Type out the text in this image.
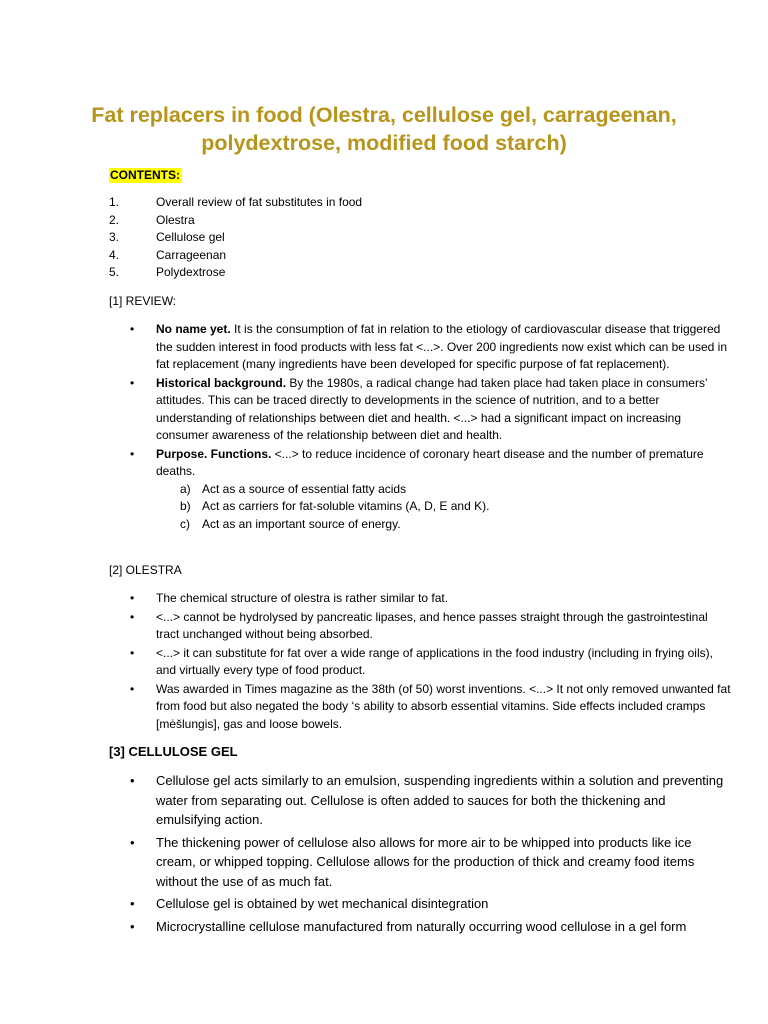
Fat replacers in food (Olestra, cellulose gel, carrageenan, polydextrose, modified food starch)
CONTENTS:
1.	Overall review of fat substitutes in food
2.	Olestra
3.	Cellulose gel
4.	Carrageenan
5.	Polydextrose
[1] REVIEW:
• No name yet. It is the consumption of fat in relation to the etiology of cardiovascular disease that triggered the sudden interest in food products with less fat <...>. Over 200 ingredients now exist which can be used in fat replacement (many ingredients have been developed for specific purpose of fat replacement).
• Historical background. By the 1980s, a radical change had taken place had taken place in consumers’ attitudes. This can be traced directly to developments in the science of nutrition, and to a better understanding of relationships between diet and health. <...> had a significant impact on increasing consumer awareness of the relationship between diet and health.
• Purpose. Functions. <...> to reduce incidence of coronary heart disease and the number of premature deaths.
a) Act as a source of essential fatty acids
b) Act as carriers for fat-soluble vitamins (A, D, E and K).
c) Act as an important source of energy.
[2] OLESTRA
• The chemical structure of olestra is rather similar to fat.
• <...> cannot be hydrolysed by pancreatic lipases, and hence passes straight through the gastrointestinal tract unchanged without being absorbed.
• <...> it can substitute for fat over a wide range of applications in the food industry (including in frying oils), and virtually every type of food product.
• Was awarded in Times magazine as the 38th (of 50) worst inventions. <...> It not only removed unwanted fat from food but also negated the body ‘s ability to absorb essential vitamins. Side effects included cramps [mėšlungis], gas and loose bowels.
[3] CELLULOSE GEL
• Cellulose gel acts similarly to an emulsion, suspending ingredients within a solution and preventing water from separating out. Cellulose is often added to sauces for both the thickening and emulsifying action.
• The thickening power of cellulose also allows for more air to be whipped into products like ice cream, or whipped topping. Cellulose allows for the production of thick and creamy food items without the use of as much fat.
• Cellulose gel is obtained by wet mechanical disintegration
• Microcrystalline cellulose manufactured from naturally occurring wood cellulose in a gel form
